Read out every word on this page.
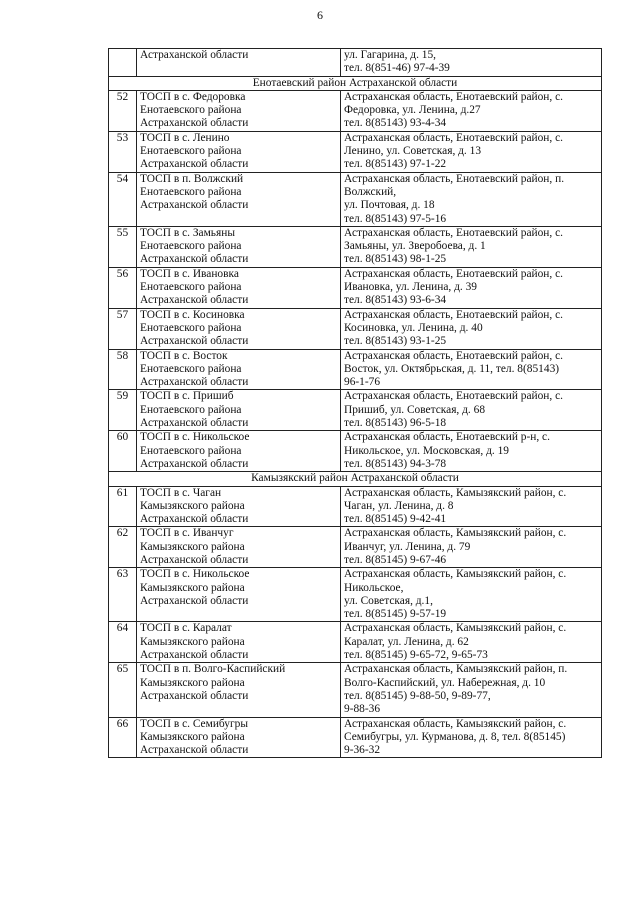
6

	Астраханской области	ул. Гагарина, д. 15,
тел. 8(851-46) 97-4-39

Енотаевский район Астраханской области		
52	ТОСП в с. Федоровка
Енотаевского района
Астраханской области	Астраханская область, Енотаевский район, с.
Федоровка, ул. Ленина, д.27
тел. 8(85143) 93-4-34

53	ТОСП в с. Ленино
Енотаевского района
Астраханской области	Астраханская область, Енотаевский район, с.
Ленино, ул. Советская, д. 13
тел. 8(85143) 97-1-22

54	ТОСП в п. Волжский
Енотаевского района
Астраханской области	Астраханская область, Енотаевский район, п.
Волжский,
ул. Почтовая, д. 18
тел. 8(85143) 97-5-16

55	ТОСП в с. Замьяны
Енотаевского района
Астраханской области	Астраханская область, Енотаевский район, с.
Замьяны, ул. Зверобоева, д. 1
тел. 8(85143) 98-1-25

56	ТОСП в с. Ивановка
Енотаевского района
Астраханской области	Астраханская область, Енотаевский район, с.
Ивановка, ул. Ленина, д. 39
тел. 8(85143) 93-6-34

57	ТОСП в с. Косиновка
Енотаевского района
Астраханской области	Астраханская область, Енотаевский район, с.
Косиновка, ул. Ленина, д. 40
тел. 8(85143) 93-1-25

58	ТОСП в с. Восток
Енотаевского района
Астраханской области	Астраханская область, Енотаевский район, с.
Восток, ул. Октябрьская, д. 11, тел. 8(85143)
96-1-76

59	ТОСП в с. Пришиб
Енотаевского района
Астраханской области	Астраханская область, Енотаевский район, с.
Пришиб, ул. Советская, д. 68
тел. 8(85143) 96-5-18

60	ТОСП в с. Никольское
Енотаевского района
Астраханской области	Астраханская область, Енотаевский р-н, с.
Никольское, ул. Московская, д. 19
тел. 8(85143) 94-3-78

Камызякский район Астраханской области		
61	ТОСП в с. Чаган
Камызякского района
Астраханской области	Астраханская область, Камызякский район, с.
Чаган, ул. Ленина, д. 8
тел. 8(85145) 9-42-41

62	ТОСП в с. Иванчуг
Камызякского района
Астраханской области	Астраханская область, Камызякский район, с.
Иванчуг, ул. Ленина, д. 79
тел. 8(85145) 9-67-46

63	ТОСП в с. Никольское
Камызякского района
Астраханской области	Астраханская область, Камызякский район, с.
Никольское,
ул. Советская, д.1,
тел. 8(85145) 9-57-19

64	ТОСП в с. Каралат
Камызякского района
Астраханской области	Астраханская область, Камызякский район, с.
Каралат, ул. Ленина, д. 62
тел. 8(85145) 9-65-72, 9-65-73

65	ТОСП в п. Волго-Каспийский
Камызякского района
Астраханской области	Астраханская область, Камызякский район, п.
Волго-Каспийский, ул. Набережная, д. 10
тел. 8(85145) 9-88-50, 9-89-77,
9-88-36

66	ТОСП в с. Семибугры
Камызякского района
Астраханской области	Астраханская область, Камызякский район, с.
Семибугры, ул. Курманова, д. 8, тел. 8(85145)
9-36-32
